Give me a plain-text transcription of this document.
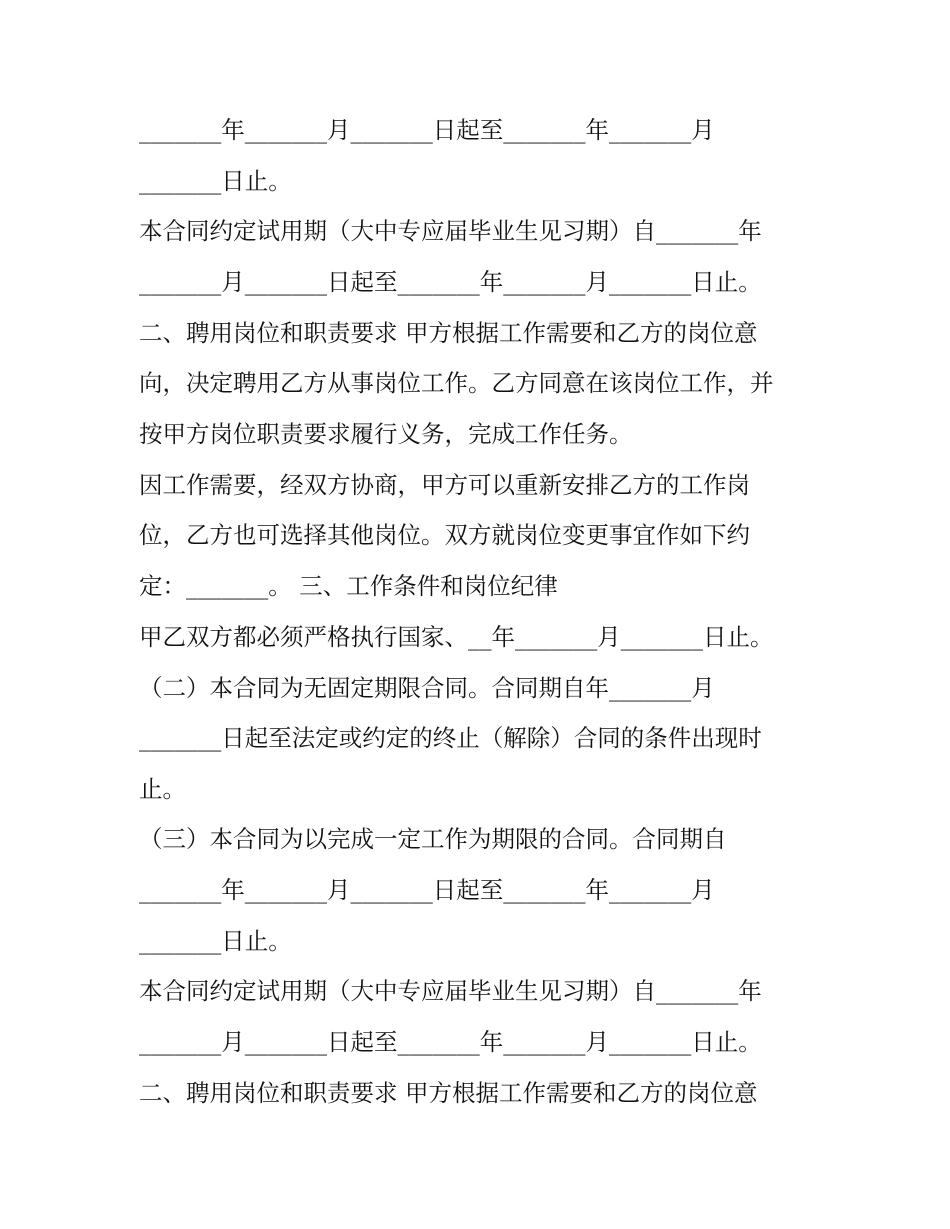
_______年_______月_______日起至_______年_______月
_______日止。
本合同约定试用期（大中专应届毕业生见习期）自_______年
_______月_______日起至_______年_______月_______日止。
二、聘用岗位和职责要求 甲方根据工作需要和乙方的岗位意
向，决定聘用乙方从事岗位工作。乙方同意在该岗位工作，并
按甲方岗位职责要求履行义务，完成工作任务。
因工作需要，经双方协商，甲方可以重新安排乙方的工作岗
位，乙方也可选择其他岗位。双方就岗位变更事宜作如下约
定：_______。 三、工作条件和岗位纪律
甲乙双方都必须严格执行国家、__年_______月_______日止。
（二）本合同为无固定期限合同。合同期自年_______月
_______日起至法定或约定的终止（解除）合同的条件出现时
止。
（三）本合同为以完成一定工作为期限的合同。合同期自
_______年_______月_______日起至_______年_______月
_______日止。
本合同约定试用期（大中专应届毕业生见习期）自_______年
_______月_______日起至_______年_______月_______日止。
二、聘用岗位和职责要求 甲方根据工作需要和乙方的岗位意
